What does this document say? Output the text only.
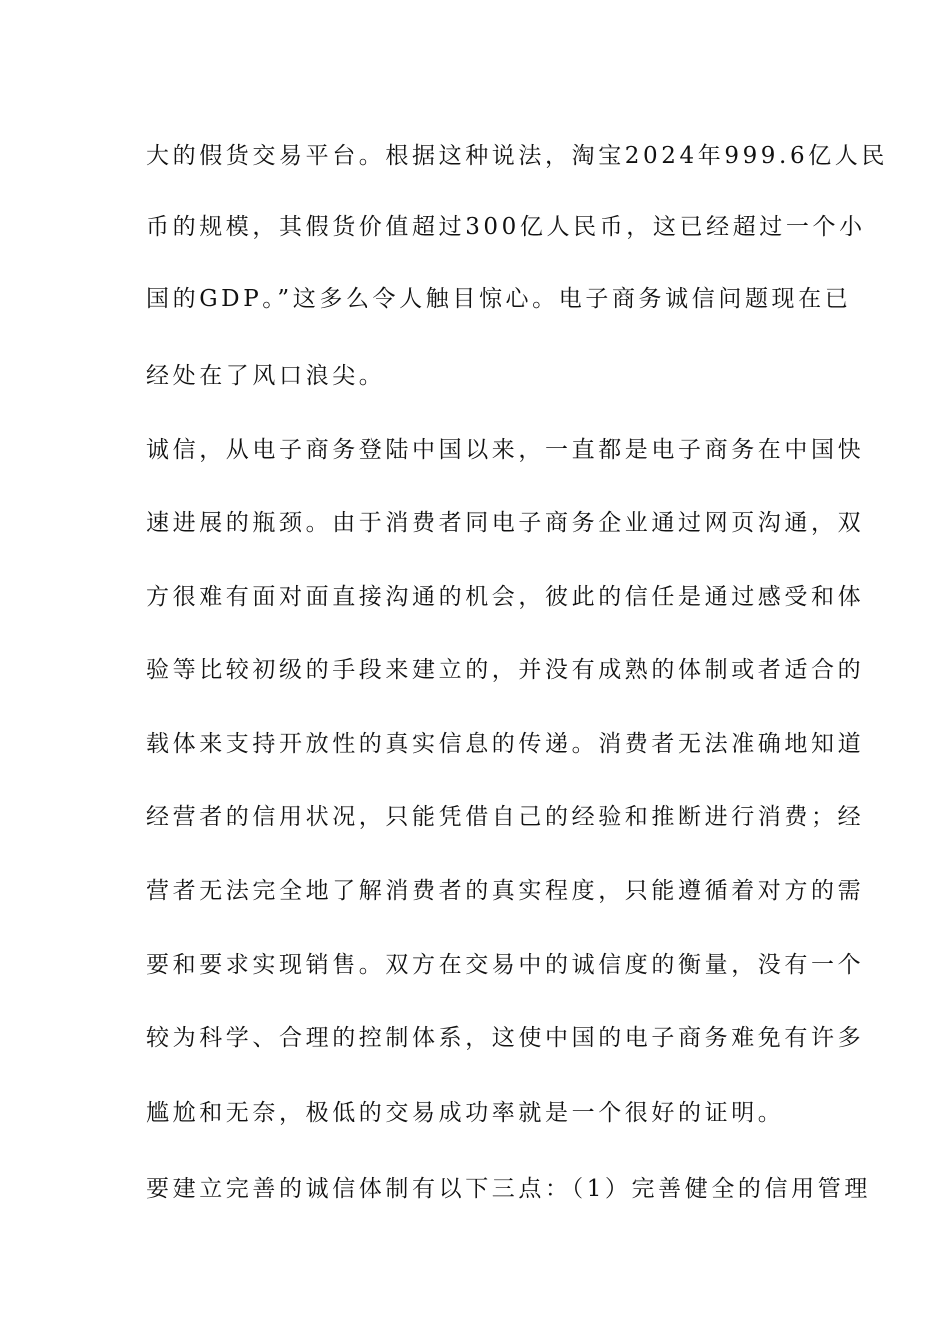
大的假货交易平台。根据这种说法，淘宝2024年999.6亿人民
币的规模，其假货价值超过300亿人民币，这已经超过一个小
国的GDP。”这多么令人触目惊心。电子商务诚信问题现在已
经处在了风口浪尖。
诚信，从电子商务登陆中国以来，一直都是电子商务在中国快
速进展的瓶颈。由于消费者同电子商务企业通过网页沟通，双
方很难有面对面直接沟通的机会，彼此的信任是通过感受和体
验等比较初级的手段来建立的，并没有成熟的体制或者适合的
载体来支持开放性的真实信息的传递。消费者无法准确地知道
经营者的信用状况，只能凭借自己的经验和推断进行消费；经
营者无法完全地了解消费者的真实程度，只能遵循着对方的需
要和要求实现销售。双方在交易中的诚信度的衡量，没有一个
较为科学、合理的控制体系，这使中国的电子商务难免有许多
尴尬和无奈，极低的交易成功率就是一个很好的证明。
要建立完善的诚信体制有以下三点：（1）完善健全的信用管理
